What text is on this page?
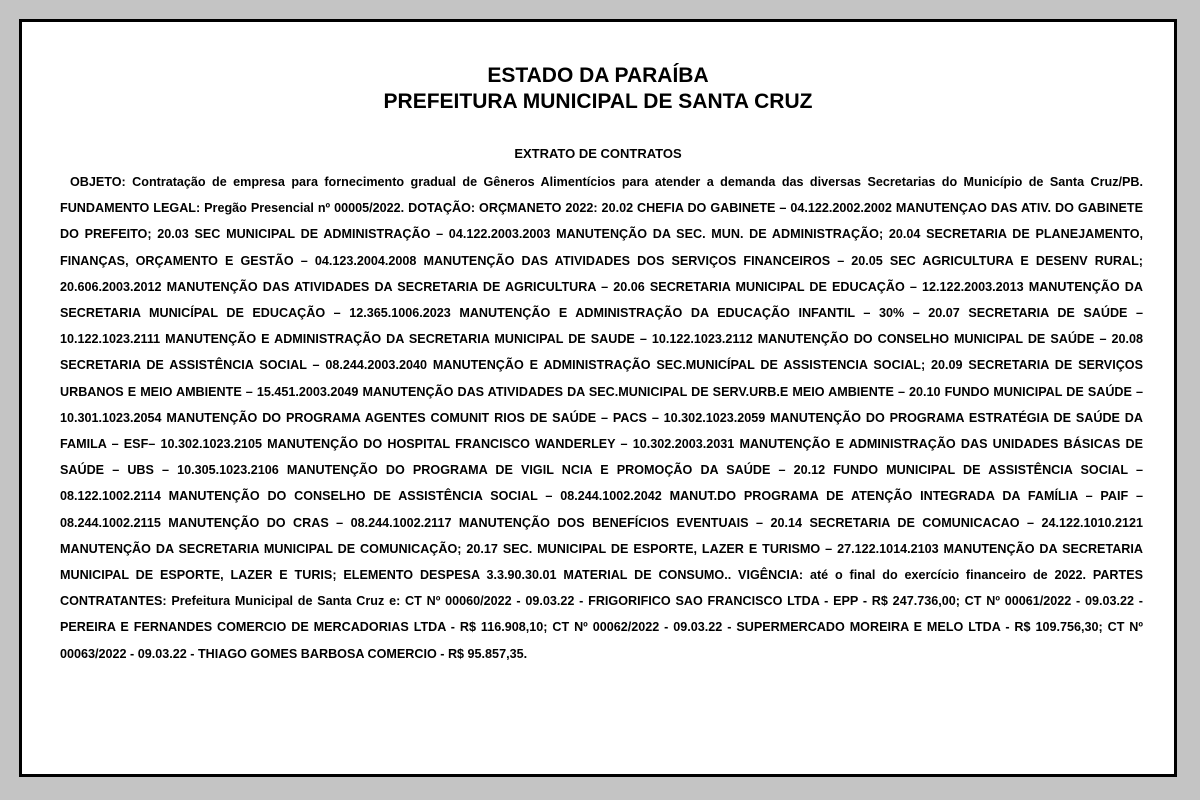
ESTADO DA PARAÍBA
PREFEITURA MUNICIPAL DE SANTA CRUZ
EXTRATO DE CONTRATOS

OBJETO: Contratação de empresa para fornecimento gradual de Gêneros Alimentícios para atender a demanda das diversas Secretarias do Município de Santa Cruz/PB. FUNDAMENTO LEGAL: Pregão Presencial nº 00005/2022. DOTAÇÃO: ORÇMANETO 2022: 20.02 CHEFIA DO GABINETE – 04.122.2002.2002 MANUTENÇAO DAS ATIV. DO GABINETE DO PREFEITO; 20.03 SEC MUNICIPAL DE ADMINISTRAÇÃO – 04.122.2003.2003 MANUTENÇÃO DA SEC. MUN. DE ADMINISTRAÇÃO; 20.04 SECRETARIA DE PLANEJAMENTO, FINANÇAS, ORÇAMENTO E GESTÃO – 04.123.2004.2008 MANUTENÇÃO DAS ATIVIDADES DOS SERVIÇOS FINANCEIROS – 20.05 SEC AGRICULTURA E DESENV RURAL; 20.606.2003.2012 MANUTENÇÃO DAS ATIVIDADES DA SECRETARIA DE AGRICULTURA – 20.06 SECRETARIA MUNICIPAL DE EDUCAÇÃO – 12.122.2003.2013 MANUTENÇÃO DA SECRETARIA MUNICÍPAL DE EDUCAÇÃO – 12.365.1006.2023 MANUTENÇÃO E ADMINISTRAÇÃO DA EDUCAÇÃO INFANTIL – 30% – 20.07 SECRETARIA DE SAÚDE – 10.122.1023.2111 MANUTENÇÃO E ADMINISTRAÇÃO DA SECRETARIA MUNICIPAL DE SAUDE – 10.122.1023.2112 MANUTENÇÃO DO CONSELHO MUNICIPAL DE SAÚDE – 20.08 SECRETARIA DE ASSISTÊNCIA SOCIAL – 08.244.2003.2040 MANUTENÇÃO E ADMINISTRAÇÃO SEC.MUNICÍPAL DE ASSISTENCIA SOCIAL; 20.09 SECRETARIA DE SERVIÇOS URBANOS E MEIO AMBIENTE – 15.451.2003.2049 MANUTENÇÃO DAS ATIVIDADES DA SEC.MUNICIPAL DE SERV.URB.E MEIO AMBIENTE – 20.10 FUNDO MUNICIPAL DE SAÚDE – 10.301.1023.2054 MANUTENÇÃO DO PROGRAMA AGENTES COMUNIT RIOS DE SAÚDE – PACS – 10.302.1023.2059 MANUTENÇÃO DO PROGRAMA ESTRATÉGIA DE SAÚDE DA FAMILA – ESF– 10.302.1023.2105 MANUTENÇÃO DO HOSPITAL FRANCISCO WANDERLEY – 10.302.2003.2031 MANUTENÇÃO E ADMINISTRAÇÃO DAS UNIDADES BÁSICAS DE SAÚDE – UBS – 10.305.1023.2106 MANUTENÇÃO DO PROGRAMA DE VIGIL NCIA E PROMOÇÃO DA SAÚDE – 20.12 FUNDO MUNICIPAL DE ASSISTÊNCIA SOCIAL – 08.122.1002.2114 MANUTENÇÃO DO CONSELHO DE ASSISTÊNCIA SOCIAL – 08.244.1002.2042 MANUT.DO PROGRAMA DE ATENÇÃO INTEGRADA DA FAMÍLIA – PAIF – 08.244.1002.2115 MANUTENÇÃO DO CRAS – 08.244.1002.2117 MANUTENÇÃO DOS BENEFÍCIOS EVENTUAIS – 20.14 SECRETARIA DE COMUNICACAO – 24.122.1010.2121 MANUTENÇÃO DA SECRETARIA MUNICIPAL DE COMUNICAÇÃO; 20.17 SEC. MUNICIPAL DE ESPORTE, LAZER E TURISMO – 27.122.1014.2103 MANUTENÇÃO DA SECRETARIA MUNICIPAL DE ESPORTE, LAZER E TURIS; ELEMENTO DESPESA 3.3.90.30.01 MATERIAL DE CONSUMO.. VIGÊNCIA: até o final do exercício financeiro de 2022. PARTES CONTRATANTES: Prefeitura Municipal de Santa Cruz e: CT Nº 00060/2022 - 09.03.22 - FRIGORIFICO SAO FRANCISCO LTDA - EPP - R$ 247.736,00; CT Nº 00061/2022 - 09.03.22 - PEREIRA E FERNANDES COMERCIO DE MERCADORIAS LTDA - R$ 116.908,10; CT Nº 00062/2022 - 09.03.22 - SUPERMERCADO MOREIRA E MELO LTDA - R$ 109.756,30; CT Nº 00063/2022 - 09.03.22 - THIAGO GOMES BARBOSA COMERCIO - R$ 95.857,35.
